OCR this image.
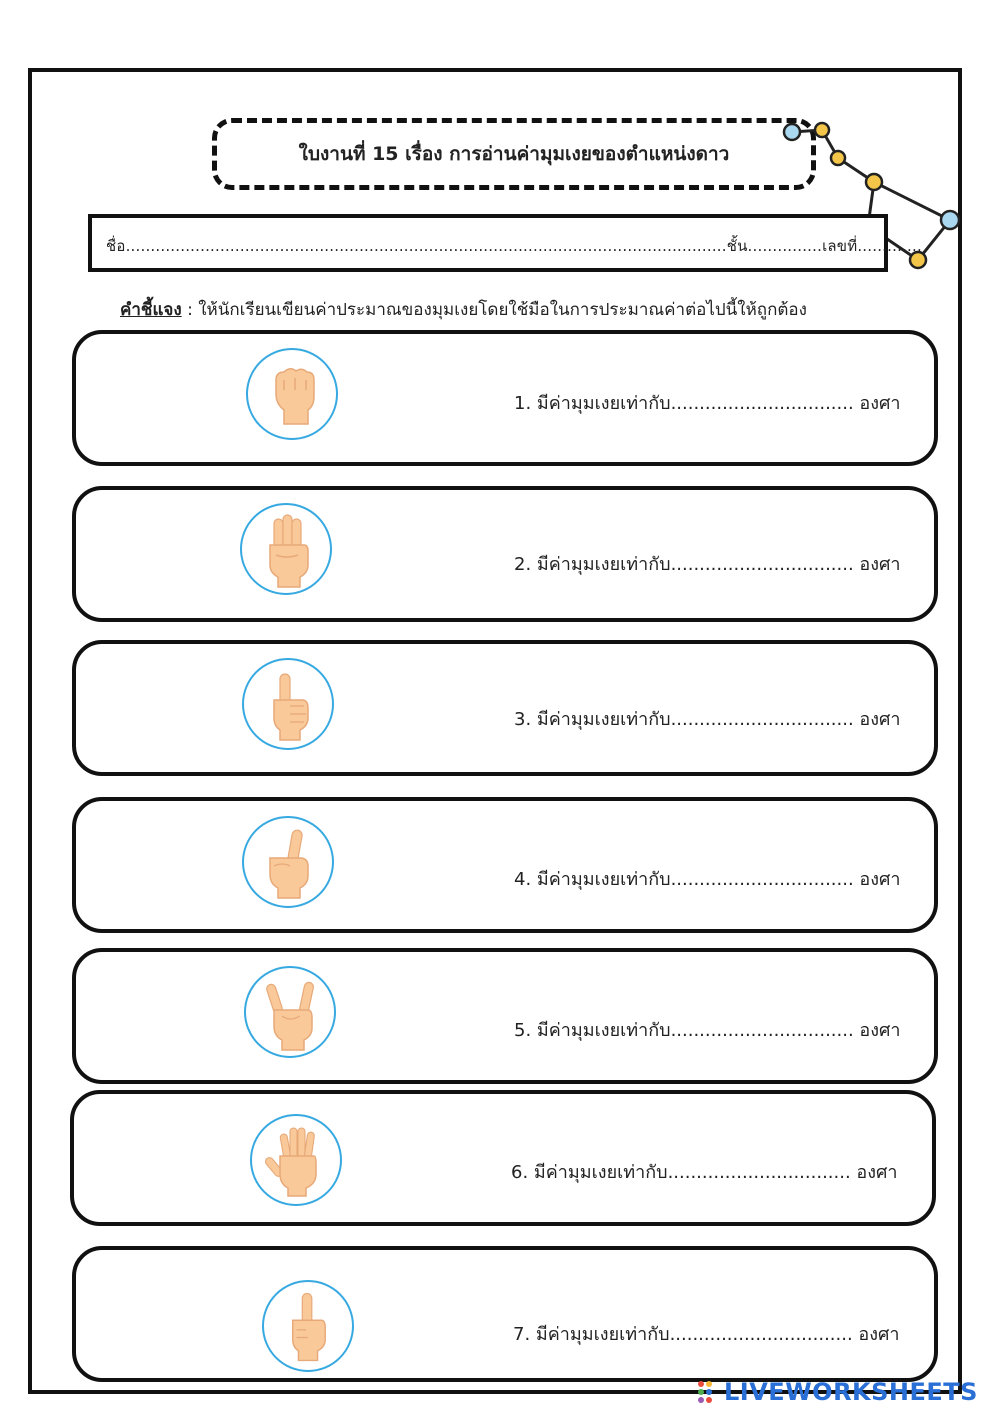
ใบงานที่ 15 เรื่อง การอ่านค่ามุมเงยของตำแหน่งดาว
ชื่อ.........................................................................................................................ชั้น...............เลขที่.............
คำชี้แจง : ให้นักเรียนเขียนค่าประมาณของมุมเงยโดยใช้มือในการประมาณค่าต่อไปนี้ให้ถูกต้อง
1. มีค่ามุมเงยเท่ากับ................................ องศา
2. มีค่ามุมเงยเท่ากับ................................ องศา
3. มีค่ามุมเงยเท่ากับ................................ องศา
4. มีค่ามุมเงยเท่ากับ................................ องศา
5. มีค่ามุมเงยเท่ากับ................................ องศา
6. มีค่ามุมเงยเท่ากับ................................ องศา
7. มีค่ามุมเงยเท่ากับ................................ องศา
LIVEWORKSHEETS
